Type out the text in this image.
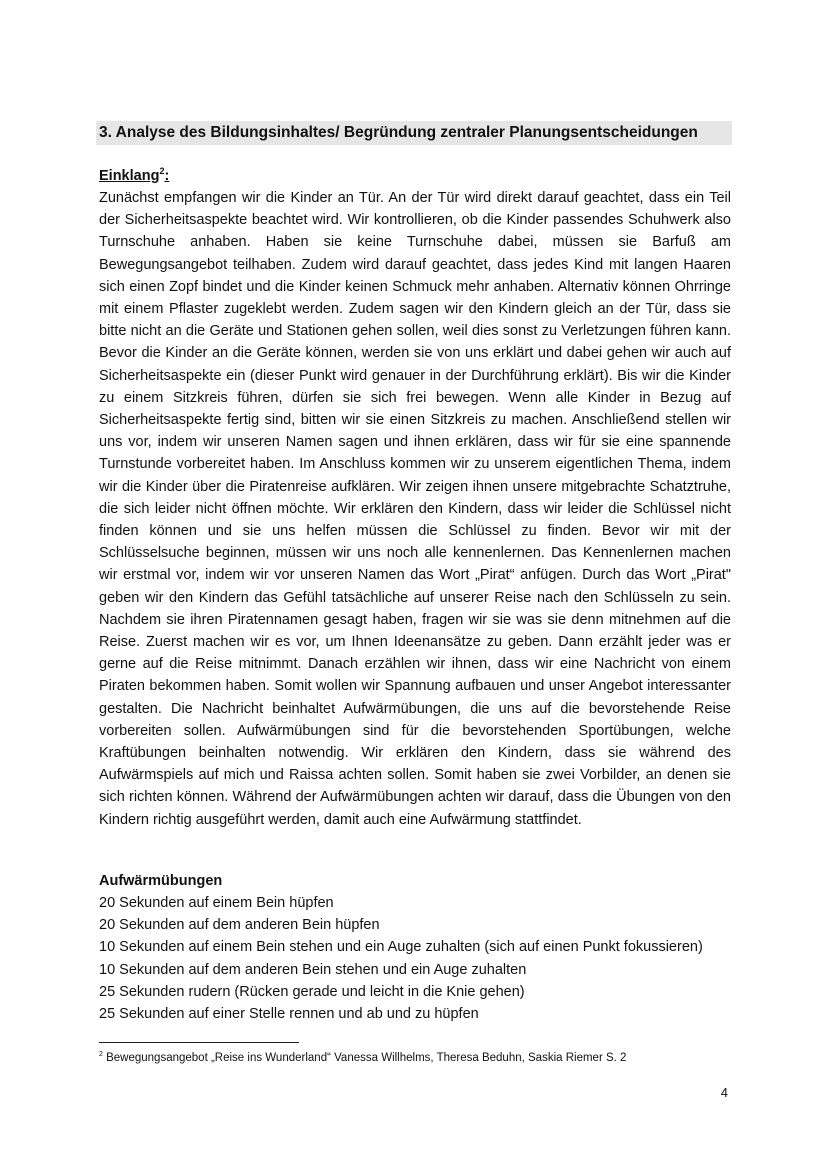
3. Analyse des Bildungsinhaltes/ Begründung zentraler Planungsentscheidungen

Einklang$^2$:

Zunächst empfangen wir die Kinder an Tür. An der Tür wird direkt darauf geachtet, dass ein Teil der Sicherheitsaspekte beachtet wird. Wir kontrollieren, ob die Kinder passendes Schuhwerk also Turnschuhe anhaben. Haben sie keine Turnschuhe dabei, müssen sie Barfuß am Bewegungsangebot teilhaben. Zudem wird darauf geachtet, dass jedes Kind mit langen Haaren sich einen Zopf bindet und die Kinder keinen Schmuck mehr anhaben. Alternativ können Ohrringe mit einem Pflaster zugeklebt werden. Zudem sagen wir den Kindern gleich an der Tür, dass sie bitte nicht an die Geräte und Stationen gehen sollen, weil dies sonst zu Verletzungen führen kann. Bevor die Kinder an die Geräte können, werden sie von uns erklärt und dabei gehen wir auch auf Sicherheitsaspekte ein (dieser Punkt wird genauer in der Durchführung erklärt). Bis wir die Kinder zu einem Sitzkreis führen, dürfen sie sich frei bewegen. Wenn alle Kinder in Bezug auf Sicherheitsaspekte fertig sind, bitten wir sie einen Sitzkreis zu machen. Anschließend stellen wir uns vor, indem wir unseren Namen sagen und ihnen erklären, dass wir für sie eine spannende Turnstunde vorbereitet haben. Im Anschluss kommen wir zu unserem eigentlichen Thema, indem wir die Kinder über die Piratenreise aufklären. Wir zeigen ihnen unsere mitgebrachte Schatztruhe, die sich leider nicht öffnen möchte. Wir erklären den Kindern, dass wir leider die Schlüssel nicht finden können und sie uns helfen müssen die Schlüssel zu finden. Bevor wir mit der Schlüsselsuche beginnen, müssen wir uns noch alle kennenlernen. Das Kennenlernen machen wir erstmal vor, indem wir vor unseren Namen das Wort „Pirat“ anfügen. Durch das Wort „Pirat" geben wir den Kindern das Gefühl tatsächliche auf unserer Reise nach den Schlüsseln zu sein. Nachdem sie ihren Piratennamen gesagt haben, fragen wir sie was sie denn mitnehmen auf die Reise. Zuerst machen wir es vor, um Ihnen Ideenansätze zu geben. Dann erzählt jeder was er gerne auf die Reise mitnimmt. Danach erzählen wir ihnen, dass wir eine Nachricht von einem Piraten bekommen haben. Somit wollen wir Spannung aufbauen und unser Angebot interessanter gestalten. Die Nachricht beinhaltet Aufwärmübungen, die uns auf die bevorstehende Reise vorbereiten sollen. Aufwärmübungen sind für die bevorstehenden Sportübungen, welche Kraftübungen beinhalten notwendig. Wir erklären den Kindern, dass sie während des Aufwärmspiels auf mich und Raissa achten sollen. Somit haben sie zwei Vorbilder, an denen sie sich richten können. Während der Aufwärmübungen achten wir darauf, dass die Übungen von den Kindern richtig ausgeführt werden, damit auch eine Aufwärmung stattfindet.

Aufwärmübungen

20 Sekunden auf einem Bein hüpfen
20 Sekunden auf dem anderen Bein hüpfen
10 Sekunden auf einem Bein stehen und ein Auge zuhalten (sich auf einen Punkt fokussieren)
10 Sekunden auf dem anderen Bein stehen und ein Auge zuhalten
25 Sekunden rudern (Rücken gerade und leicht in die Knie gehen)
25 Sekunden auf einer Stelle rennen und ab und zu hüpfen
$^2$ Bewegungsangebot „Reise ins Wunderland“ Vanessa Willhelms, Theresa Beduhn, Saskia Riemer S. 2
4
